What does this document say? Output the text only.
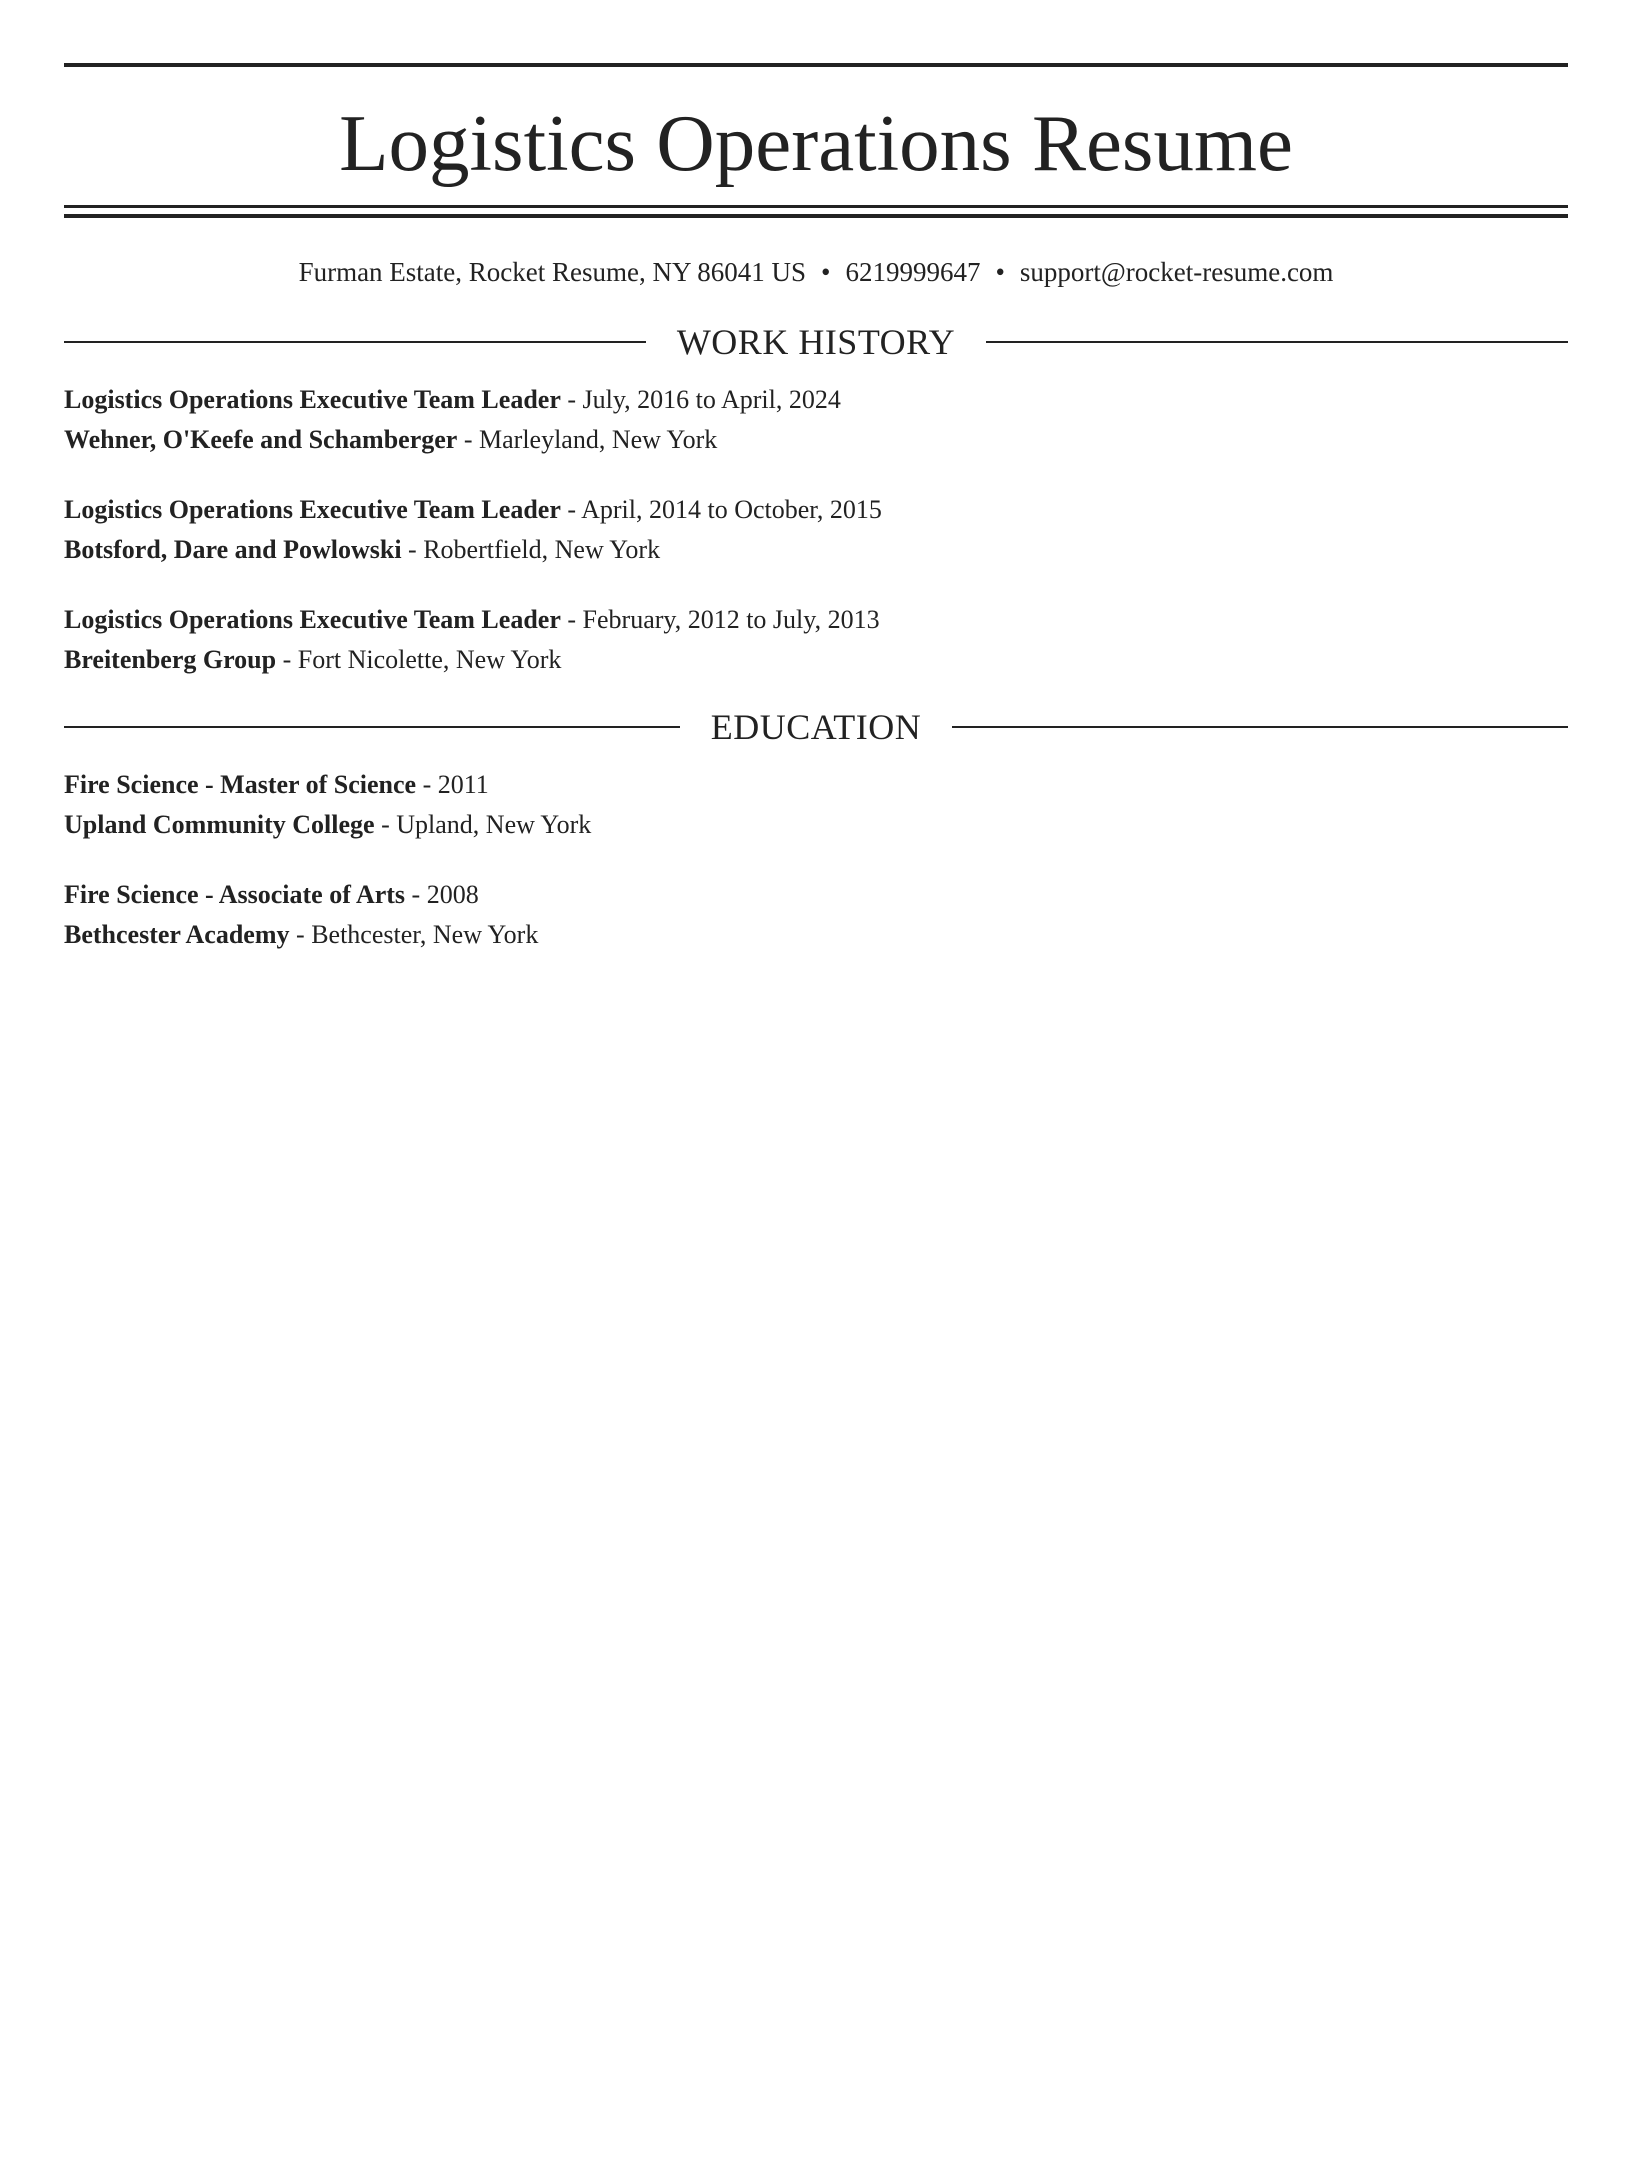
Logistics Operations Resume
Furman Estate, Rocket Resume, NY 86041 US • 6219999647 • support@rocket-resume.com
WORK HISTORY
Logistics Operations Executive Team Leader - July, 2016 to April, 2024
Wehner, O'Keefe and Schamberger - Marleyland, New York
Logistics Operations Executive Team Leader - April, 2014 to October, 2015
Botsford, Dare and Powlowski - Robertfield, New York
Logistics Operations Executive Team Leader - February, 2012 to July, 2013
Breitenberg Group - Fort Nicolette, New York
EDUCATION
Fire Science - Master of Science - 2011
Upland Community College - Upland, New York
Fire Science - Associate of Arts - 2008
Bethcester Academy - Bethcester, New York
